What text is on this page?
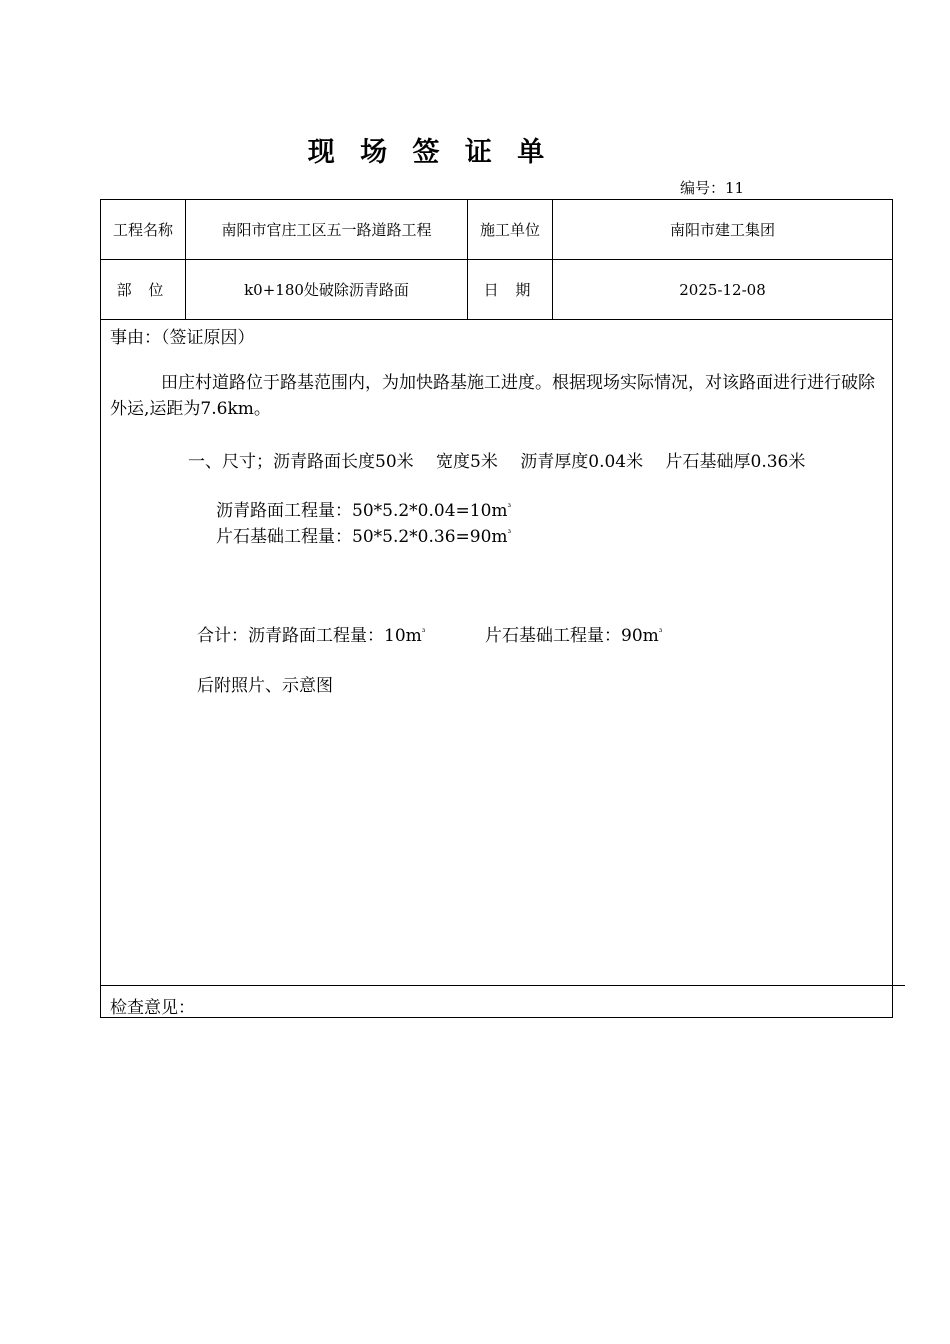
现 场 签 证 单
编号：11
工程名称	南阳市官庄工区五一路道路工程	施工单位	南阳市建工集团
部 位	k0+180处破除沥青路面	日 期	2025-12-08
事由：（签证原因）
田庄村道路位于路基范围内，为加快路基施工进度。根据现场实际情况，对该路面进行进行破除外运,运距为7.6km。
一、尺寸；沥青路面长度50米　 宽度5米　 沥青厚度0.04米　 片石基础厚0.36米
沥青路面工程量：$50*5.2*0.04=10m^{^3}$
片石基础工程量：$50*5.2*0.36=90m^{^3}$
合计：沥青路面工程量：$10m^{^3}$	片石基础工程量：$90m^{^3}$
后附照片、示意图
检查意见：
